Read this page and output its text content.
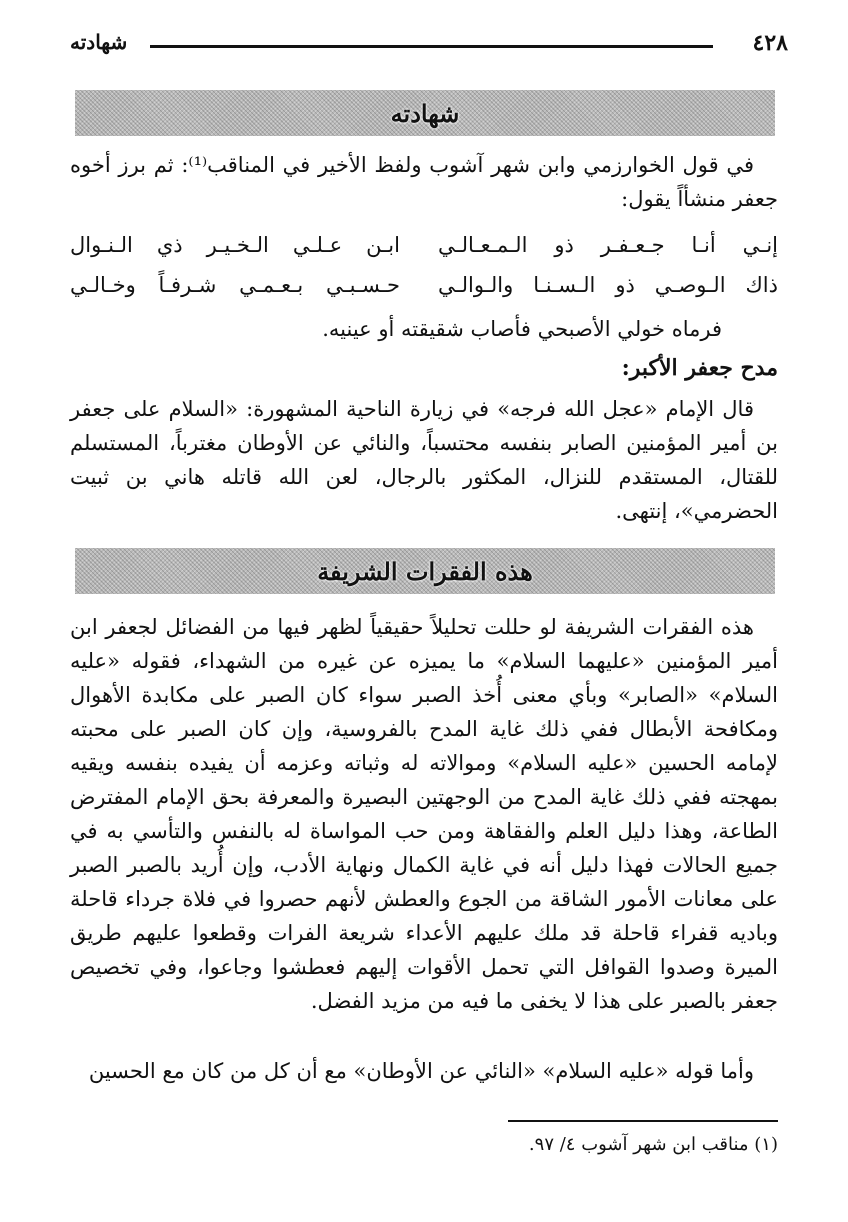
٤٢٨
شهادته
شهادته
في قول الخوارزمي وابن شهر آشوب ولفظ الأخير في المناقب⁽¹⁾: ثم برز أخوه جعفر منشأاً يقول:
إنـي أنـا جـعـفـر ذو الـمـعـالـي
ابـن عـلـي الـخـيـر ذي الـنـوال
ذاك الـوصـي ذو الـسـنـا والـوالـي
حـسـبـي بـعـمـي شـرفـاً وخـالـي
فرماه خولي الأصبحي فأصاب شقيقته أو عينيه.
مدح جعفر الأكبر:
قال الإمام «عجل الله فرجه» في زيارة الناحية المشهورة: «السلام على جعفر بن أمير المؤمنين الصابر بنفسه محتسباً، والنائي عن الأوطان مغترباً، المستسلم للقتال، المستقدم للنزال، المكثور بالرجال، لعن الله قاتله هاني بن ثبيت الحضرمي»، إنتهى.
هذه الفقرات الشريفة
هذه الفقرات الشريفة لو حللت تحليلاً حقيقياً لظهر فيها من الفضائل لجعفر ابن أمير المؤمنين «عليهما السلام» ما يميزه عن غيره من الشهداء، فقوله «عليه السلام» «الصابر» وبأي معنى أُخذ الصبر سواء كان الصبر على مكابدة الأهوال ومكافحة الأبطال ففي ذلك غاية المدح بالفروسية، وإن كان الصبر على محبته لإمامه الحسين «عليه السلام» وموالاته له وثباته وعزمه أن يفيده بنفسه ويقيه بمهجته ففي ذلك غاية المدح من الوجهتين البصيرة والمعرفة بحق الإمام المفترض الطاعة، وهذا دليل العلم والفقاهة ومن حب المواساة له بالنفس والتأسي به في جميع الحالات فهذا دليل أنه في غاية الكمال ونهاية الأدب، وإن أُريد بالصبر الصبر على معانات الأمور الشاقة من الجوع والعطش لأنهم حصروا في فلاة جرداء قاحلة وباديه قفراء قاحلة قد ملك عليهم الأعداء شريعة الفرات وقطعوا عليهم طريق الميرة وصدوا القوافل التي تحمل الأقوات إليهم فعطشوا وجاعوا، وفي تخصيص جعفر بالصبر على هذا لا يخفى ما فيه من مزيد الفضل.
وأما قوله «عليه السلام» «النائي عن الأوطان» مع أن كل من كان مع الحسين
(١) مناقب ابن شهر آشوب ٤/ ٩٧.
